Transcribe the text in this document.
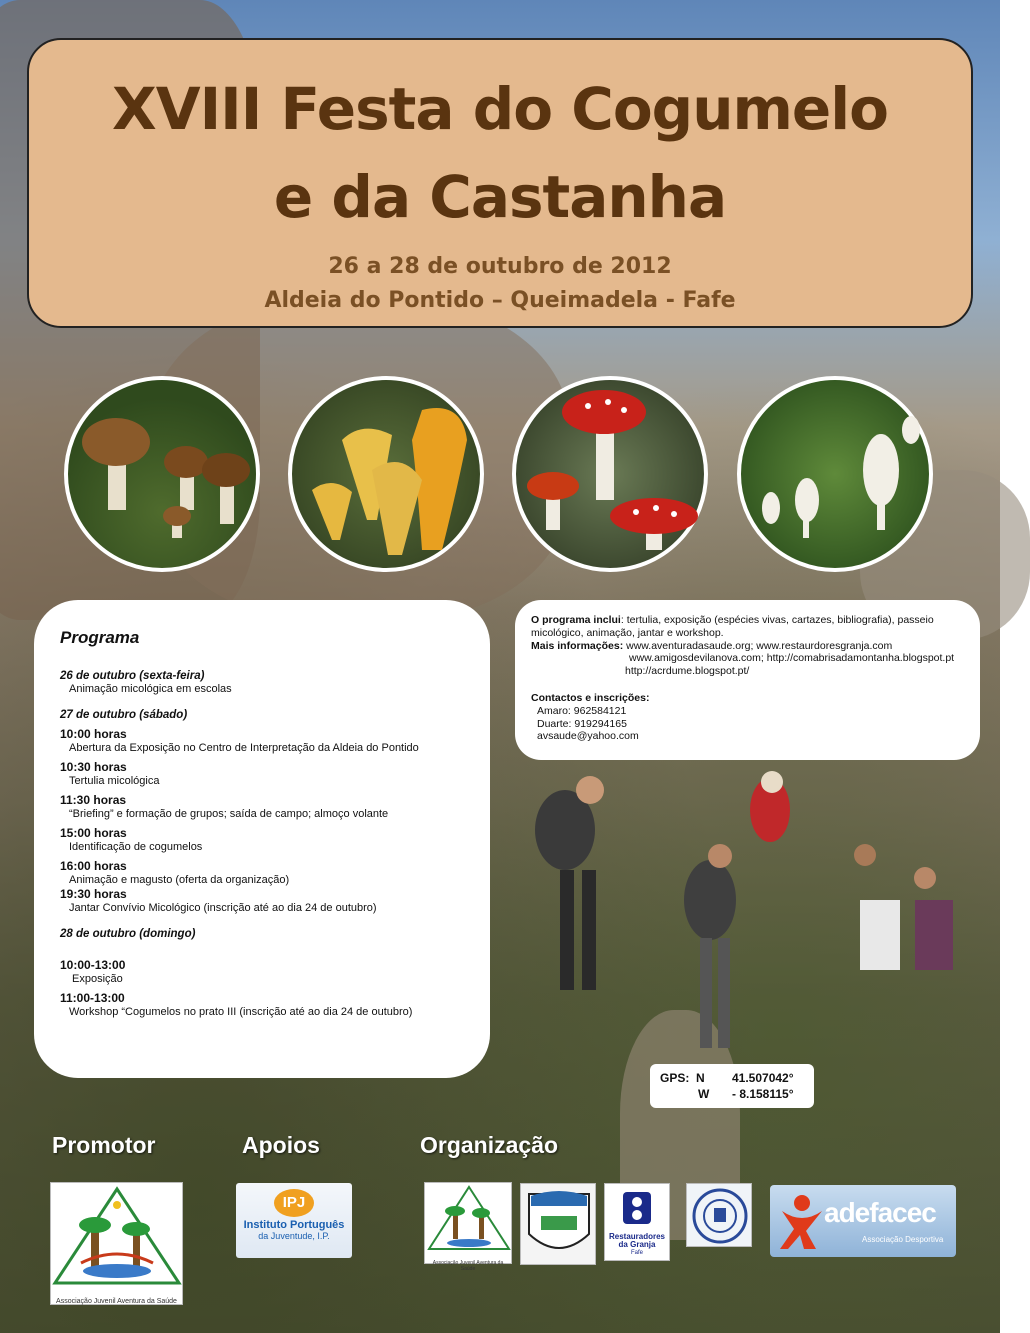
XVIII Festa do Cogumelo
e da Castanha
26 a 28 de outubro de 2012
Aldeia do Pontido – Queimadela - Fafe
Programa
26 de outubro (sexta-feira)
Animação micológica em escolas
27 de outubro (sábado)
10:00 horas
Abertura da Exposição no Centro de Interpretação da Aldeia do Pontido
10:30 horas
Tertulia micológica
11:30 horas
“Briefing” e formação de grupos; saída de campo; almoço volante
15:00 horas
Identificação de cogumelos
16:00 horas
Animação e magusto (oferta da organização)
19:30 horas
Jantar Convívio Micológico (inscrição até ao dia 24 de outubro)
28 de outubro (domingo)
10:00-13:00
Exposição
11:00-13:00
Workshop “Cogumelos no prato III (inscrição até ao dia 24 de outubro)
O programa inclui: tertulia, exposição (espécies vivas, cartazes, bibliografia), passeio micológico, animação, jantar e workshop.
Mais informações: www.aventuradasaude.org; www.restaurdoresgranja.com
www.amigosdevilanova.com; http://comabrisadamontanha.blogspot.pt
http://acrdume.blogspot.pt/
Contactos e inscrições:
Amaro: 962584121
Duarte: 919294165
avsaude@yahoo.com
GPS: N 41.507042°
W - 8.158115°
Promotor	Apoios	Organização
Associação Juvenil Aventura da Saúde
IPJ
Instituto Português
da Juventude, I.P.
Associação Juvenil Aventura da Saúde
Restauradores
da Granja
Fafe
adefacec
Associação Desportiva
